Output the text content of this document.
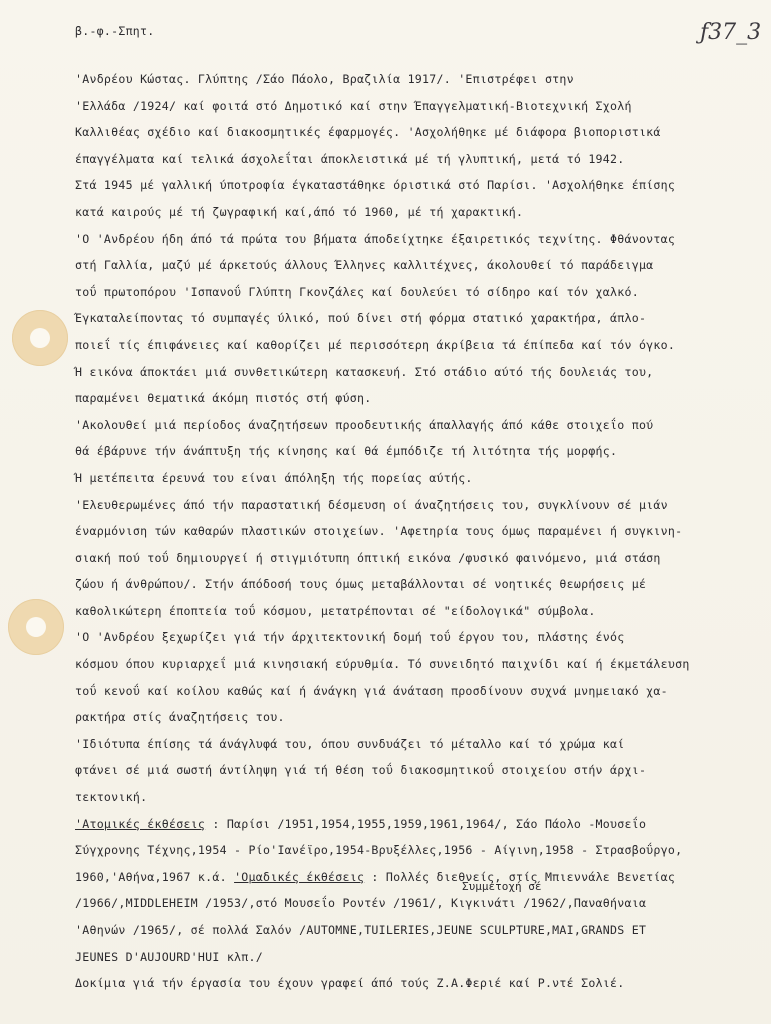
β.-φ.-Σπητ.	ƒ37_3
'Ανδρέου Κώστας. Γλύπτης /Σάο Πάολο, Βραζιλία 1917/. 'Επιστρέφει στην
'Ελλάδα /1924/ καί φοιτά στό Δημοτικό καί στην Έπαγγελματική-Βιοτεχνική Σχολή
Καλλιθέας σχέδιο καί διακοσμητικές έφαρμογές. 'Ασχολήθηκε μέ διάφορα βιοποριστικά
έπαγγέλματα καί τελικά άσχολεΐται άποκλειστικά μέ τή γλυπτική, μετά τό 1942.
Στά 1945 μέ γαλλική ύποτροφία έγκαταστάθηκε όριστικά στό Παρίσι. 'Ασχολήθηκε έπίσης
κατά καιρούς μέ τή ζωγραφική καί,άπό τό 1960, μέ τή χαρακτική.
'Ο 'Ανδρέου ήδη άπό τά πρώτα του βήματα άποδείχτηκε έξαιρετικός τεχνίτης. Φθάνοντας
στή Γαλλία, μαζύ μέ άρκετούς άλλους Έλληνες καλλιτέχνες, άκολουθεί τό παράδειγμα
τοΰ πρωτοπόρου 'Ισπανοΰ Γλύπτη Γκονζάλες καί δουλεύει τό σίδηρο καί τόν χαλκό.
Έγκαταλείποντας τό συμπαγές ύλικό, πού δίνει στή φόρμα στατικό χαρακτήρα, άπλο-
ποιεΐ τίς έπιφάνειες καί καθορίζει μέ περισσότερη άκρίβεια τά έπίπεδα καί τόν όγκο.
Ή εικόνα άποκτάει μιά συνθετικώτερη κατασκευή. Στό στάδιο αύτό τής δουλειάς του,
παραμένει θεματικά άκόμη πιστός στή φύση.
'Ακολουθεί μιά περίοδος άναζητήσεων προοδευτικής άπαλλαγής άπό κάθε στοιχεΐο πού
θά έβάρυνε τήν άνάπτυξη τής κίνησης καί θά έμπόδιζε τή λιτότητα τής μορφής.
Ή μετέπειτα έρευνά του είναι άπόληξη τής πορείας αύτής.
'Ελευθερωμένες άπό τήν παραστατική δέσμευση οί άναζητήσεις του, συγκλίνουν σέ μιάν
έναρμόνιση τών καθαρών πλαστικών στοιχείων. 'Αφετηρία τους όμως παραμένει ή συγκινη-
σιακή πού τοΰ δημιουργεί ή στιγμιότυπη όπτική εικόνα /φυσικό φαινόμενο, μιά στάση
ζώου ή άνθρώπου/. Στήν άπόδοσή τους όμως μεταβάλλονται σέ νοητικές θεωρήσεις μέ
καθολικώτερη έποπτεία τοΰ κόσμου, μετατρέπονται σέ "είδολογικά" σύμβολα.
'Ο 'Ανδρέου ξεχωρίζει γιά τήν άρχιτεκτονική δομή τοΰ έργου του, πλάστης ένός
κόσμου όπου κυριαρχεΐ μιά κινησιακή εύρυθμία. Τό συνειδητό παιχνίδι καί ή έκμετάλευση
τοΰ κενοΰ καί κοίλου καθώς καί ή άνάγκη γιά άνάταση προσδίνουν συχνά μνημειακό χα-
ρακτήρα στίς άναζητήσεις του.
'Ιδιότυπα έπίσης τά άνάγλυφά του, όπου συνδυάζει τό μέταλλο καί τό χρώμα καί
φτάνει σέ μιά σωστή άντίληψη γιά τή θέση τοΰ διακοσμητικοΰ στοιχείου στήν άρχι-
τεκτονική.
'Ατομικές έκθέσεις : Παρίσι /1951,1954,1955,1959,1961,1964/, Σάο Πάολο -Μουσεΐο
Σύγχρονης Τέχνης,1954 - Ρίο'Ιανέϊρο,1954-Βρυξέλλες,1956 - Αίγινη,1958 - Στρασβοΰργο,
1960,'Αθήνα,1967 κ.ά. 'Ομαδικές έκθέσεις : Πολλές διεθνείς, στίς Μπιεννάλε Βενετίας
/1966/,MIDDLEHEIM /1953/,στό Μουσεΐο Ροντέν /1961/, Κιγκινάτι /1962/,Παναθήναια
'Αθηνών /1965/, σέ πολλά Σαλόν /AUTOMNE,TUILERIES,JEUNE SCULPTURE,MAI,GRANDS ET
JEUNES D'AUJOURD'HUI κλπ./
Δοκίμια γιά τήν έργασία του έχουν γραφεί άπό τούς Ζ.Α.Φεριέ καί Ρ.ντέ Σολιέ.
Συμμετοχή σέ
